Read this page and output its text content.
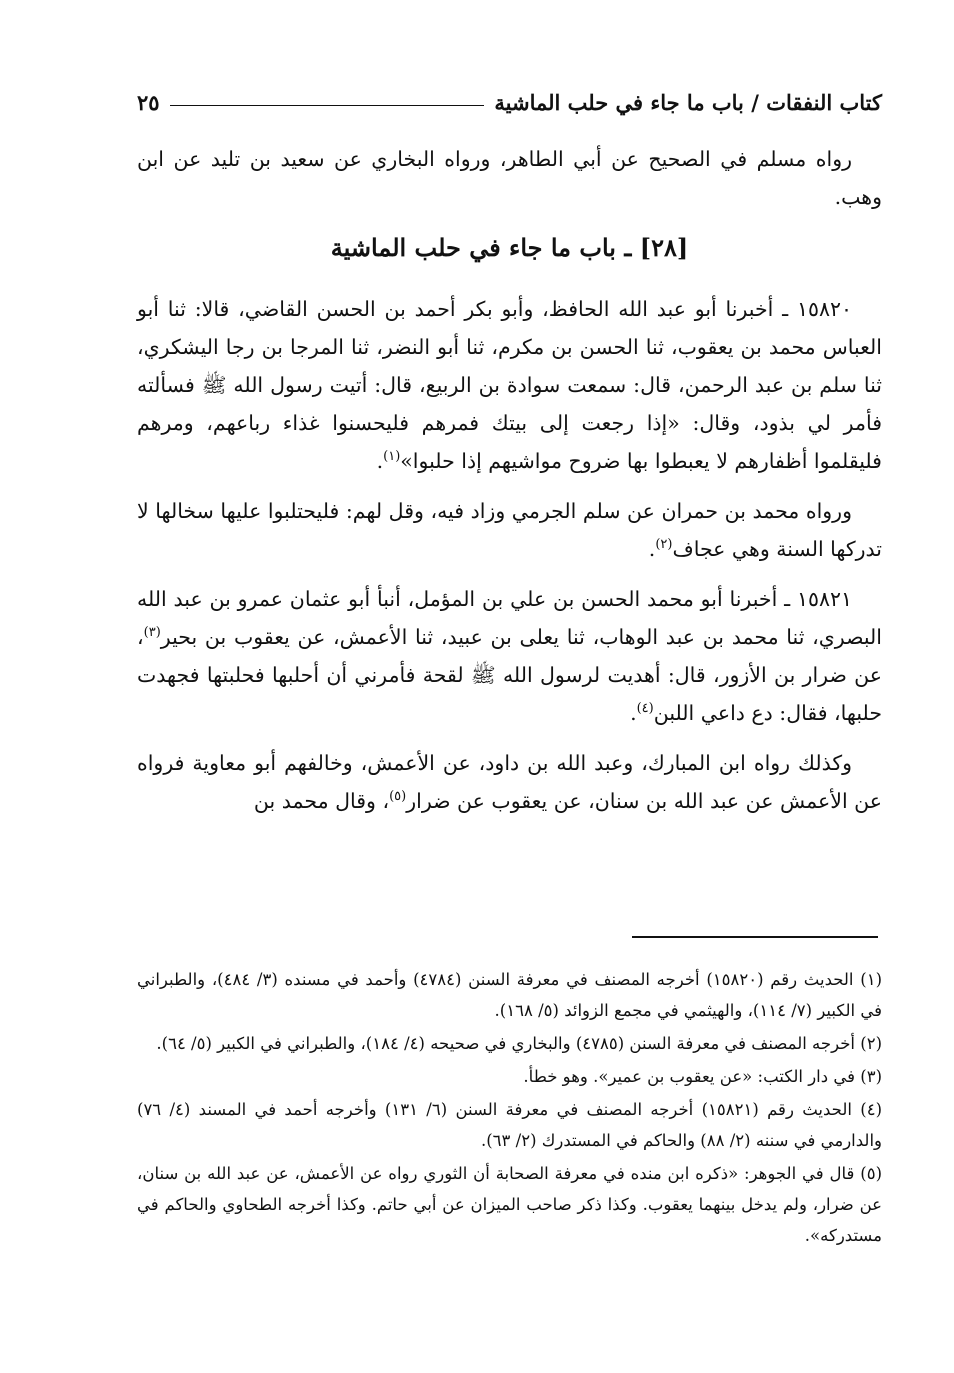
كتاب النفقات / باب ما جاء في حلب الماشية
٢٥

رواه مسلم في الصحيح عن أبي الطاهر، ورواه البخاري عن سعيد بن تليد عن ابن وهب.

[٢٨] ـ باب ما جاء في حلب الماشية

١٥٨٢٠ ـ أخبرنا أبو عبد الله الحافظ، وأبو بكر أحمد بن الحسن القاضي، قالا: ثنا أبو العباس محمد بن يعقوب، ثنا الحسن بن مكرم، ثنا أبو النضر، ثنا المرجا بن رجا اليشكري، ثنا سلم بن عبد الرحمن، قال: سمعت سوادة بن الربيع، قال: أتيت رسول الله ﷺ فسألته فأمر لي بذود، وقال: «إذا رجعت إلى بيتك فمرهم فليحسنوا غذاء رباعهم، ومرهم فليقلموا أظفارهم لا يعبطوا بها ضروح مواشيهم إذا حلبوا»$^{(١)}$.

ورواه محمد بن حمران عن سلم الجرمي وزاد فيه، وقل لهم: فليحتلبوا عليها سخالها لا تدركها السنة وهي عجاف$^{(٢)}$.

١٥٨٢١ ـ أخبرنا أبو محمد الحسن بن علي بن المؤمل، أنبأ أبو عثمان عمرو بن عبد الله البصري، ثنا محمد بن عبد الوهاب، ثنا يعلى بن عبيد، ثنا الأعمش، عن يعقوب بن بحير$^{(٣)}$، عن ضرار بن الأزور، قال: أهديت لرسول الله ﷺ لقحة فأمرني أن أحلبها فحلبتها فجهدت حلبها، فقال: دع داعي اللبن$^{(٤)}$.

وكذلك رواه ابن المبارك، وعبد الله بن داود، عن الأعمش، وخالفهم أبو معاوية فرواه عن الأعمش عن عبد الله بن سنان، عن يعقوب عن ضرار$^{(٥)}$، وقال محمد بن

(١) الحديث رقم (١٥٨٢٠) أخرجه المصنف في معرفة السنن (٤٧٨٤) وأحمد في مسنده (٣/ ٤٨٤)، والطبراني في الكبير (٧/ ١١٤)، والهيثمي في مجمع الزوائد (٥/ ١٦٨).

(٢) أخرجه المصنف في معرفة السنن (٤٧٨٥) والبخاري في صحيحه (٤/ ١٨٤)، والطبراني في الكبير (٥/ ٦٤).

(٣) في دار الكتب: «عن يعقوب بن عمير». وهو خطأ.

(٤) الحديث رقم (١٥٨٢١) أخرجه المصنف في معرفة السنن (٦/ ١٣١) وأخرجه أحمد في المسند (٤/ ٧٦) والدارمي في سننه (٢/ ٨٨) والحاكم في المستدرك (٢/ ٦٣).

(٥) قال في الجوهر: «ذكره ابن منده في معرفة الصحابة أن الثوري رواه عن الأعمش، عن عبد الله بن سنان، عن ضرار، ولم يدخل بينهما يعقوب. وكذا ذكر صاحب الميزان عن أبي حاتم. وكذا أخرجه الطحاوي والحاكم في مستدركه».
